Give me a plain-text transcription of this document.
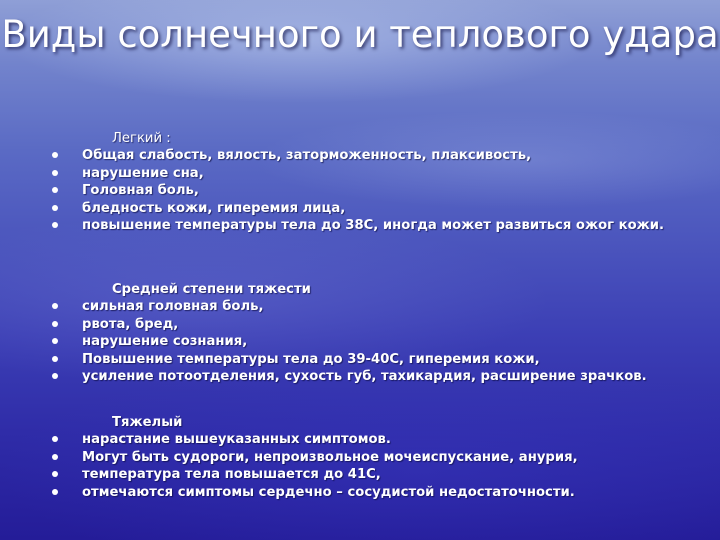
Виды солнечного и теплового удара
Легкий :
Общая слабость, вялость, заторможенность, плаксивость,
нарушение сна,
Головная боль,
бледность кожи, гиперемия лица,
повышение температуры тела до 38С, иногда может развиться ожог кожи.
Средней степени тяжести
сильная головная боль,
рвота, бред,
нарушение сознания,
Повышение температуры тела до 39-40С, гиперемия кожи,
усиление потоотделения, сухость губ, тахикардия, расширение зрачков.
Тяжелый
нарастание вышеуказанных симптомов.
Могут быть судороги, непроизвольное мочеиспускание, анурия,
температура тела повышается до 41С,
отмечаются симптомы сердечно – сосудистой недостаточности.
